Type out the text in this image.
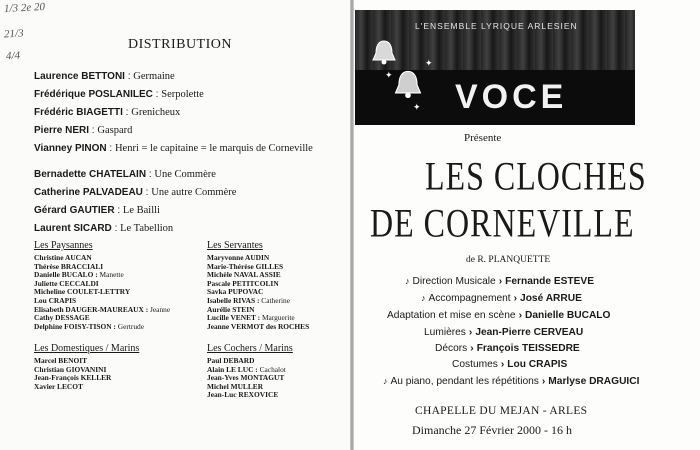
1/3 2e 20
21/3
4/4
DISTRIBUTION
Laurence BETTONI : Germaine
Frédérique POSLANILEC : Serpolette
Frédéric BIAGETTI : Grenicheux
Pierre NERI : Gaspard
Vianney PINON : Henri = le capitaine = le marquis de Corneville
Bernadette CHATELAIN : Une Commère
Catherine PALVADEAU : Une autre Commère
Gérard GAUTIER : Le Bailli
Laurent SICARD : Le Tabellion
Les Paysannes
Christine AUCAN
Thérèse BRACCIALI
Danielle BUCALO : Manette
Juliette CECCALDI
Micheline COULET-LETTRY
Lou CRAPIS
Elisabeth DAUGER-MAUREAUX : Jeanne
Cathy DESSAGE
Delphine FOISY-TISON : Gertrude
Les Servantes
Maryvonne AUDIN
Marie-Thérèse GILLES
Michèle NAVAL ASSIE
Pascale PETITCOLIN
Savka PUPOVAC
Isabelle RIVAS : Catherine
Aurélie STEIN
Lucille VENET : Marguerite
Jeanne VERMOT des ROCHES
Les Domestiques / Marins
Marcel BENOIT
Christian GIOVANINI
Jean-François KELLER
Xavier LECOT
Les Cochers / Marins
Paul DEBARD
Alain LE LUC : Cachalot
Jean-Yves MONTAGUT
Michel MULLER
Jean-Luc REXOVICE
L'ENSEMBLE LYRIQUE ARLESIEN
✦
✦
✦ VOCE
Présente
LES CLOCHES
DE CORNEVILLE
de R. PLANQUETTE
♪ Direction Musicale › Fernande ESTEVE
♪ Accompagnement › José ARRUE
Adaptation et mise en scène › Danielle BUCALO
Lumières › Jean-Pierre CERVEAU
Décors › François TEISSEDRE
Costumes › Lou CRAPIS
♪ Au piano, pendant les répétitions › Marlyse DRAGUICI
CHAPELLE DU MEJAN - ARLES
Dimanche 27 Février 2000 - 16 h
